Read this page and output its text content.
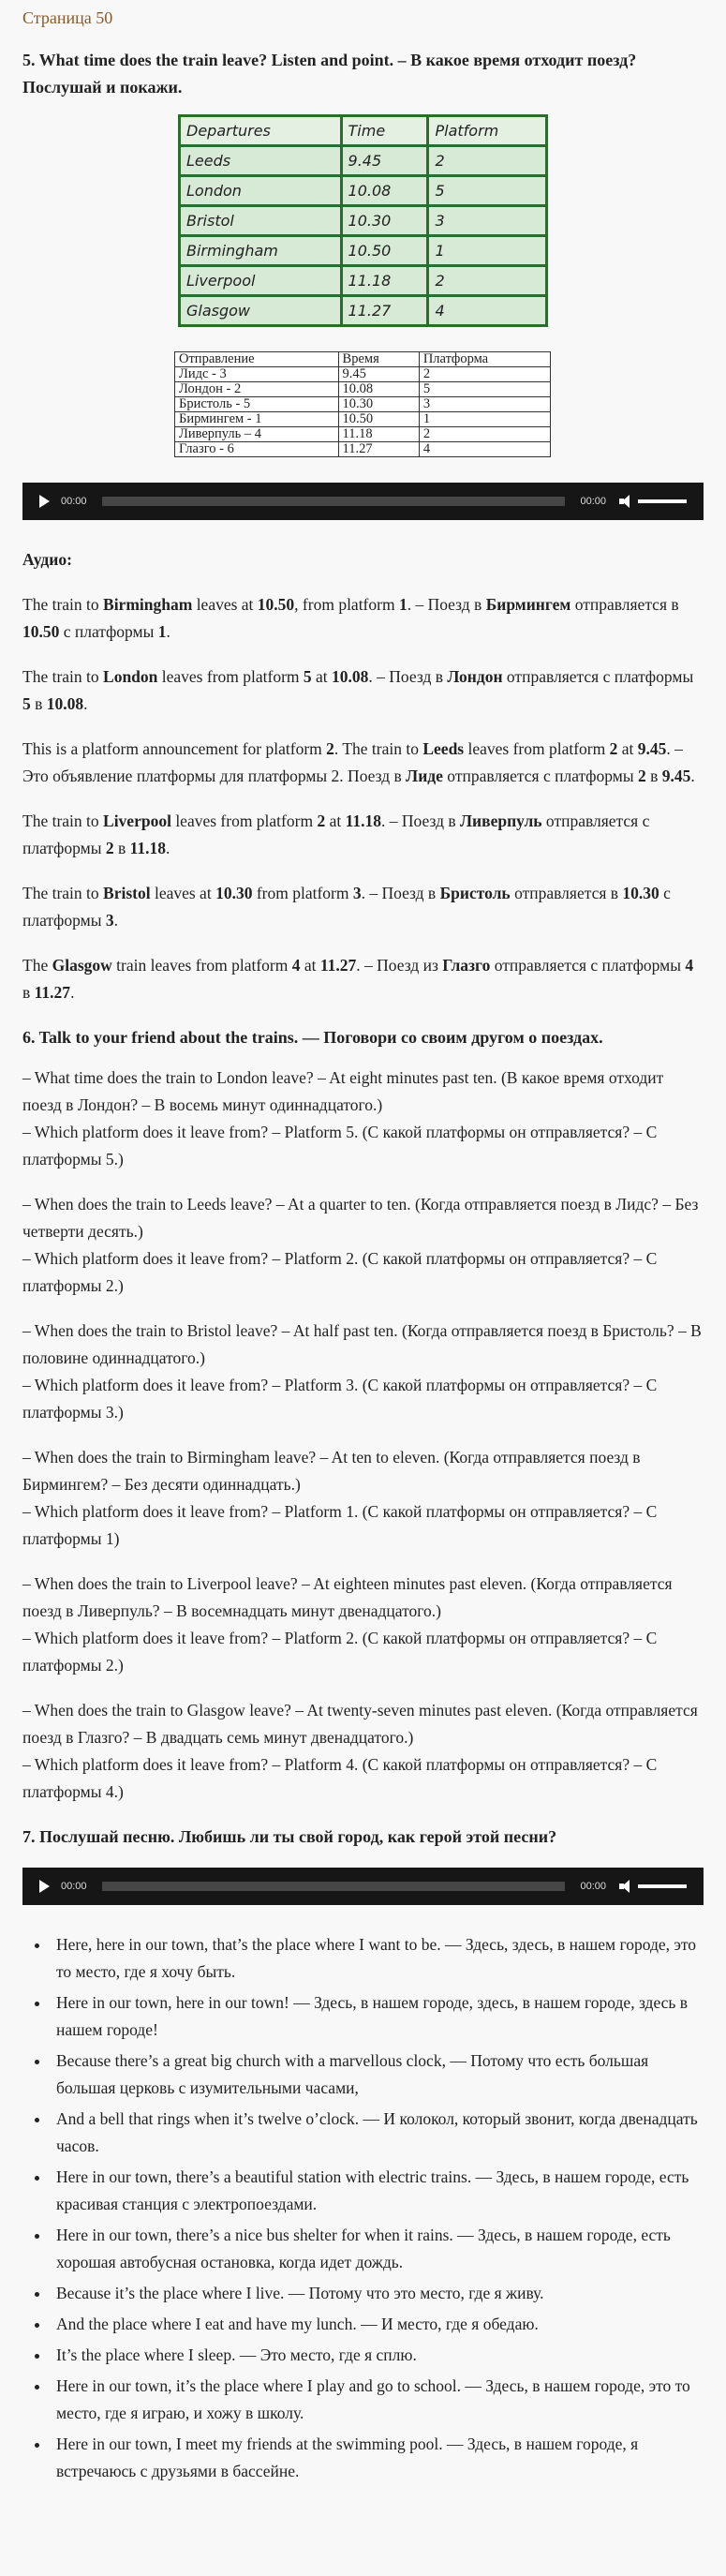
Страница 50
5. What time does the train leave? Listen and point. – В какое время отходит поезд? Послушай и покажи.
Departures	Time	Platform
Leeds	9.45	2
London	10.08	5
Bristol	10.30	3
Birmingham	10.50	1
Liverpool	11.18	2
Glasgow	11.27	4
Отправление	Время	Платформа
Лидс - 3	9.45	2
Лондон - 2	10.08	5
Бристоль - 5	10.30	3
Бирмингем - 1	10.50	1
Ливерпуль – 4	11.18	2
Глазго - 6	11.27	4
00:00	00:00

Аудио:

The train to Birmingham leaves at 10.50, from platform 1. – Поезд в Бирмингем отправляется в 10.50 с платформы 1.

The train to London leaves from platform 5 at 10.08. – Поезд в Лондон отправляется с платформы 5 в 10.08.

This is a platform announcement for platform 2. The train to Leeds leaves from platform 2 at 9.45. – Это объявление платформы для платформы 2. Поезд в Лиде отправляется с платформы 2 в 9.45.

The train to Liverpool leaves from platform 2 at 11.18. – Поезд в Ливерпуль отправляется с платформы 2 в 11.18.

The train to Bristol leaves at 10.30 from platform 3. – Поезд в Бристоль отправляется в 10.30 с платформы 3.

The Glasgow train leaves from platform 4 at 11.27. – Поезд из Глазго отправляется с платформы 4 в 11.27.

6. Talk to your friend about the trains. — Поговори со своим другом о поездах.

– What time does the train to London leave? – At eight minutes past ten. (В какое время отходит поезд в Лондон? – В восемь минут одиннадцатого.)
– Which platform does it leave from? – Platform 5. (С какой платформы он отправляется? – С платформы 5.)

– When does the train to Leeds leave? – At a quarter to ten. (Когда отправляется поезд в Лидс? – Без четверти десять.)
– Which platform does it leave from? – Platform 2. (С какой платформы он отправляется? – С платформы 2.)

– When does the train to Bristol leave? – At half past ten. (Когда отправляется поезд в Бристоль? – В половине одиннадцатого.)
– Which platform does it leave from? – Platform 3. (С какой платформы он отправляется? – С платформы 3.)

– When does the train to Birmingham leave? – At ten to eleven. (Когда отправляется поезд в Бирмингем? – Без десяти одиннадцать.)
– Which platform does it leave from? – Platform 1. (С какой платформы он отправляется? – С платформы 1)

– When does the train to Liverpool leave? – At eighteen minutes past eleven. (Когда отправляется поезд в Ливерпуль? – В восемнадцать минут двенадцатого.)
– Which platform does it leave from? – Platform 2. (С какой платформы он отправляется? – С платформы 2.)

– When does the train to Glasgow leave? – At twenty-seven minutes past eleven. (Когда отправляется поезд в Глазго? – В двадцать семь минут двенадцатого.)
– Which platform does it leave from? – Platform 4. (С какой платформы он отправляется? – С платформы 4.)

7. Послушай песню. Любишь ли ты свой город, как герой этой песни?
00:00	00:00
• Here, here in our town, that’s the place where I want to be. — Здесь, здесь, в нашем городе, это то место, где я хочу быть.
• Here in our town, here in our town! — Здесь, в нашем городе, здесь, в нашем городе, здесь в нашем городе!
• Because there’s a great big church with a marvellous clock, — Потому что есть большая большая церковь с изумительными часами,
• And a bell that rings when it’s twelve o’clock. — И колокол, который звонит, когда двенадцать часов.
• Here in our town, there’s a beautiful station with electric trains. — Здесь, в нашем городе, есть красивая станция с электропоездами.
• Here in our town, there’s a nice bus shelter for when it rains. — Здесь, в нашем городе, есть хорошая автобусная остановка, когда идет дождь.
• Because it’s the place where I live. — Потому что это место, где я живу.
• And the place where I eat and have my lunch. — И место, где я обедаю.
• It’s the place where I sleep. — Это место, где я сплю.
• Here in our town, it’s the place where I play and go to school. — Здесь, в нашем городе, это то место, где я играю, и хожу в школу.
• Here in our town, I meet my friends at the swimming pool. — Здесь, в нашем городе, я встречаюсь с друзьями в бассейне.
